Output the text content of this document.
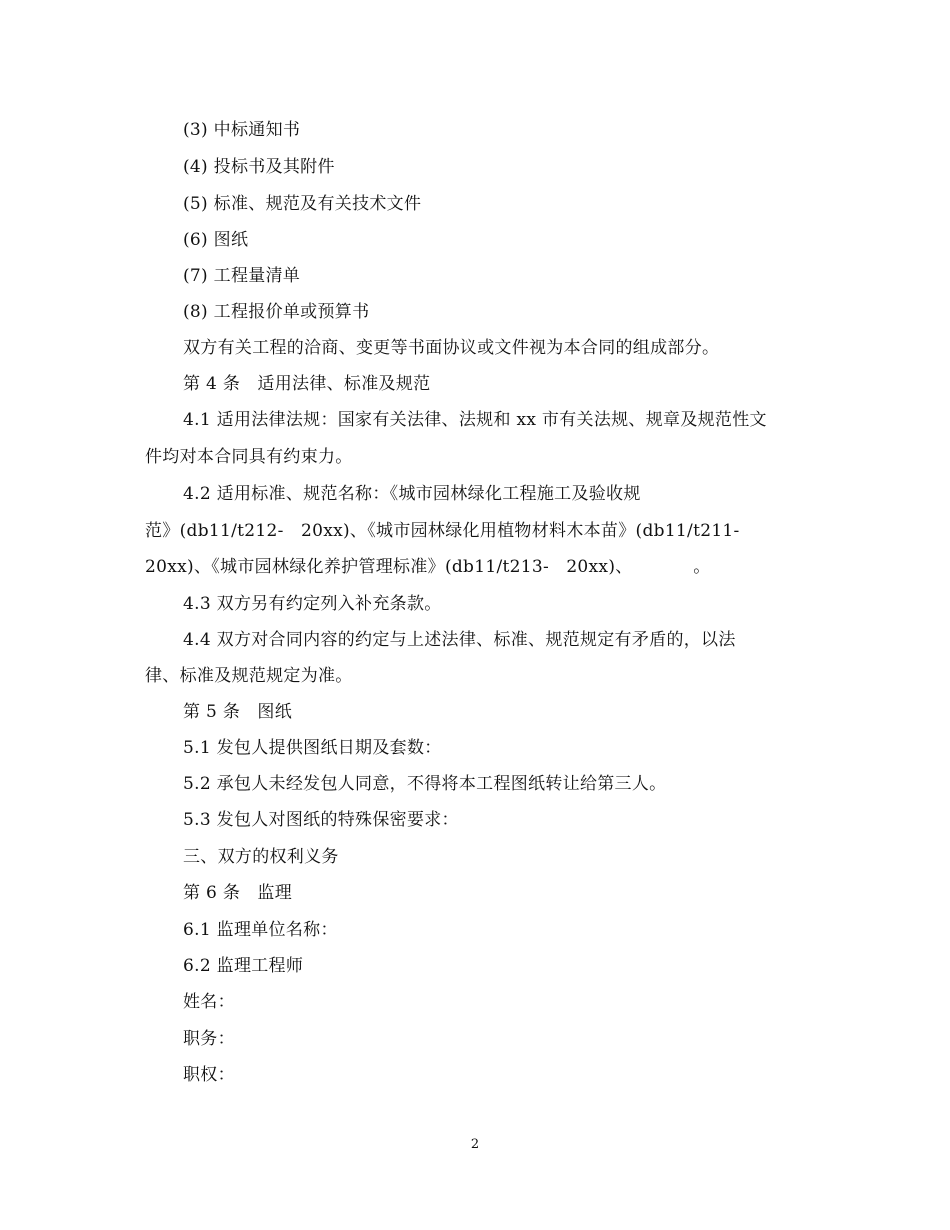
(3) 中标通知书
(4) 投标书及其附件
(5) 标准、规范及有关技术文件
(6) 图纸
(7) 工程量清单
(8) 工程报价单或预算书
双方有关工程的洽商、变更等书面协议或文件视为本合同的组成部分。
第 4 条　适用法律、标准及规范
4.1 适用法律法规：国家有关法律、法规和 xx 市有关法规、规章及规范性文
件均对本合同具有约束力。
4.2 适用标准、规范名称：《城市园林绿化工程施工及验收规
范》(db11/t212-　20xx)、《城市园林绿化用植物材料木本苗》(db11/t211-
20xx)、《城市园林绿化养护管理标准》(db11/t213-　20xx)、　　　　。
4.3 双方另有约定列入补充条款。
4.4 双方对合同内容的约定与上述法律、标准、规范规定有矛盾的，以法
律、标准及规范规定为准。
第 5 条　图纸
5.1 发包人提供图纸日期及套数：
5.2 承包人未经发包人同意，不得将本工程图纸转让给第三人。
5.3 发包人对图纸的特殊保密要求：
三、双方的权利义务
第 6 条　监理
6.1 监理单位名称：
6.2 监理工程师
姓名：
职务：
职权：
2
